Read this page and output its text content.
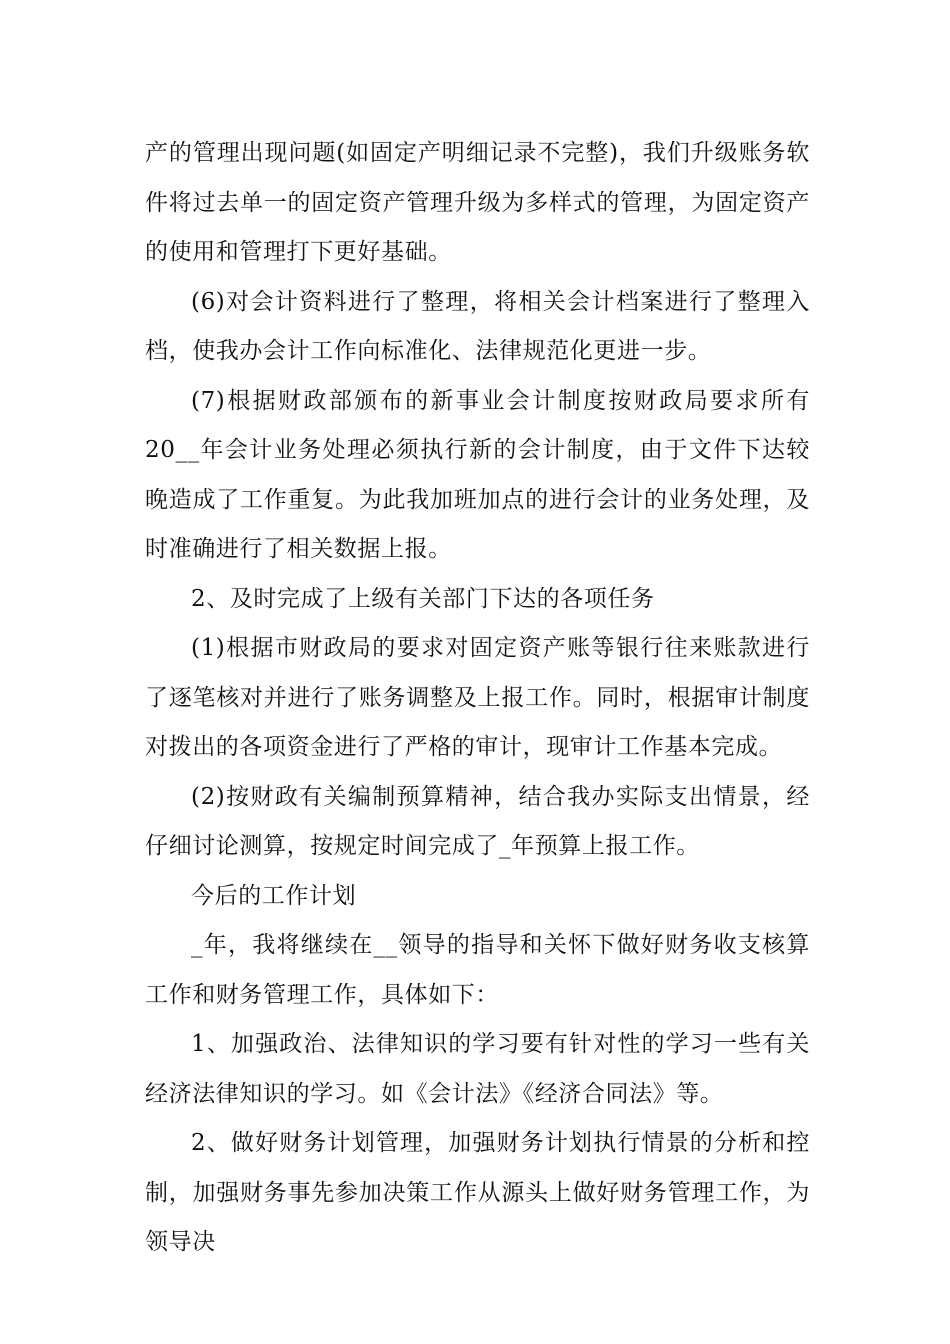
产的管理出现问题(如固定产明细记录不完整)，我们升级账务软件将过去单一的固定资产管理升级为多样式的管理，为固定资产的使用和管理打下更好基础。

(6)对会计资料进行了整理，将相关会计档案进行了整理入档，使我办会计工作向标准化、法律规范化更进一步。

(7)根据财政部颁布的新事业会计制度按财政局要求所有20__年会计业务处理必须执行新的会计制度，由于文件下达较晚造成了工作重复。为此我加班加点的进行会计的业务处理，及时准确进行了相关数据上报。

2、及时完成了上级有关部门下达的各项任务

(1)根据市财政局的要求对固定资产账等银行往来账款进行了逐笔核对并进行了账务调整及上报工作。同时，根据审计制度对拨出的各项资金进行了严格的审计，现审计工作基本完成。

(2)按财政有关编制预算精神，结合我办实际支出情景，经仔细讨论测算，按规定时间完成了_年预算上报工作。

今后的工作计划

_年，我将继续在__领导的指导和关怀下做好财务收支核算工作和财务管理工作，具体如下：

1、加强政治、法律知识的学习要有针对性的学习一些有关经济法律知识的学习。如《会计法》《经济合同法》等。

2、做好财务计划管理，加强财务计划执行情景的分析和控制，加强财务事先参加决策工作从源头上做好财务管理工作，为领导决
